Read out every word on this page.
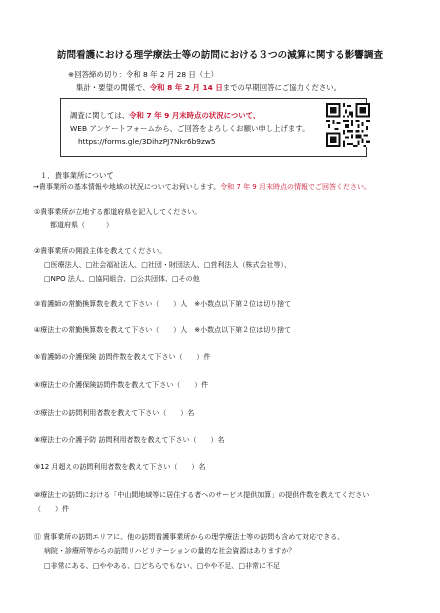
訪問看護における理学療法士等の訪問における３つの減算に関する影響調査
※回答締め切り：令和 8 年 2 月 28 日（土）
集計・要望の関係で、令和 8 年 2 月 14 日までの早期回答にご協力ください。
調査に関しては、令和 7 年 9 月末時点の状況について、
WEB アンケートフォームから、ご回答をよろしくお願い申し上げます。
https://forms.gle/3DihzPJ7Nkr6b9zw5
１．貴事業所について
→貴事業所の基本情報や地域の状況についてお伺いします。令和 7 年 9 月末時点の情報でご回答ください。
①貴事業所が立地する都道府県を記入してください。
都道府県（　　　）
②貴事業所の開設主体を教えてください。
□医療法人、□社会福祉法人、□社団・財団法人、□営利法人（株式会社等）、
□NPO 法人、□協同組合、□公共団体、□その他
③看護師の常勤換算数を教えて下さい（　　）人　※小数点以下第２位は切り捨て
④療法士の常勤換算数を教えて下さい（　　）人　※小数点以下第２位は切り捨て
⑤看護師の介護保険 訪問件数を教えて下さい（　　）件
⑥療法士の介護保険訪問件数を教えて下さい（　　）件
⑦療法士の訪問利用者数を教えて下さい（　　）名
⑧療法士の介護予防 訪問利用者数を教えて下さい（　　）名
⑨12 月超えの訪問利用者数を教えて下さい（　　）名
⑩療法士の訪問における「中山間地域等に居住する者へのサービス提供加算」の提供件数を教えてください
（　　）件
⑪ 貴事業所の訪問エリアに、他の訪問看護事業所からの理学療法士等の訪問も含めて対応できる、
病院・診療所等からの訪問リハビリテーションの量的な社会資源はありますか？
□非常にある、□ややある、□どちらでもない、□やや不足、□非常に不足
